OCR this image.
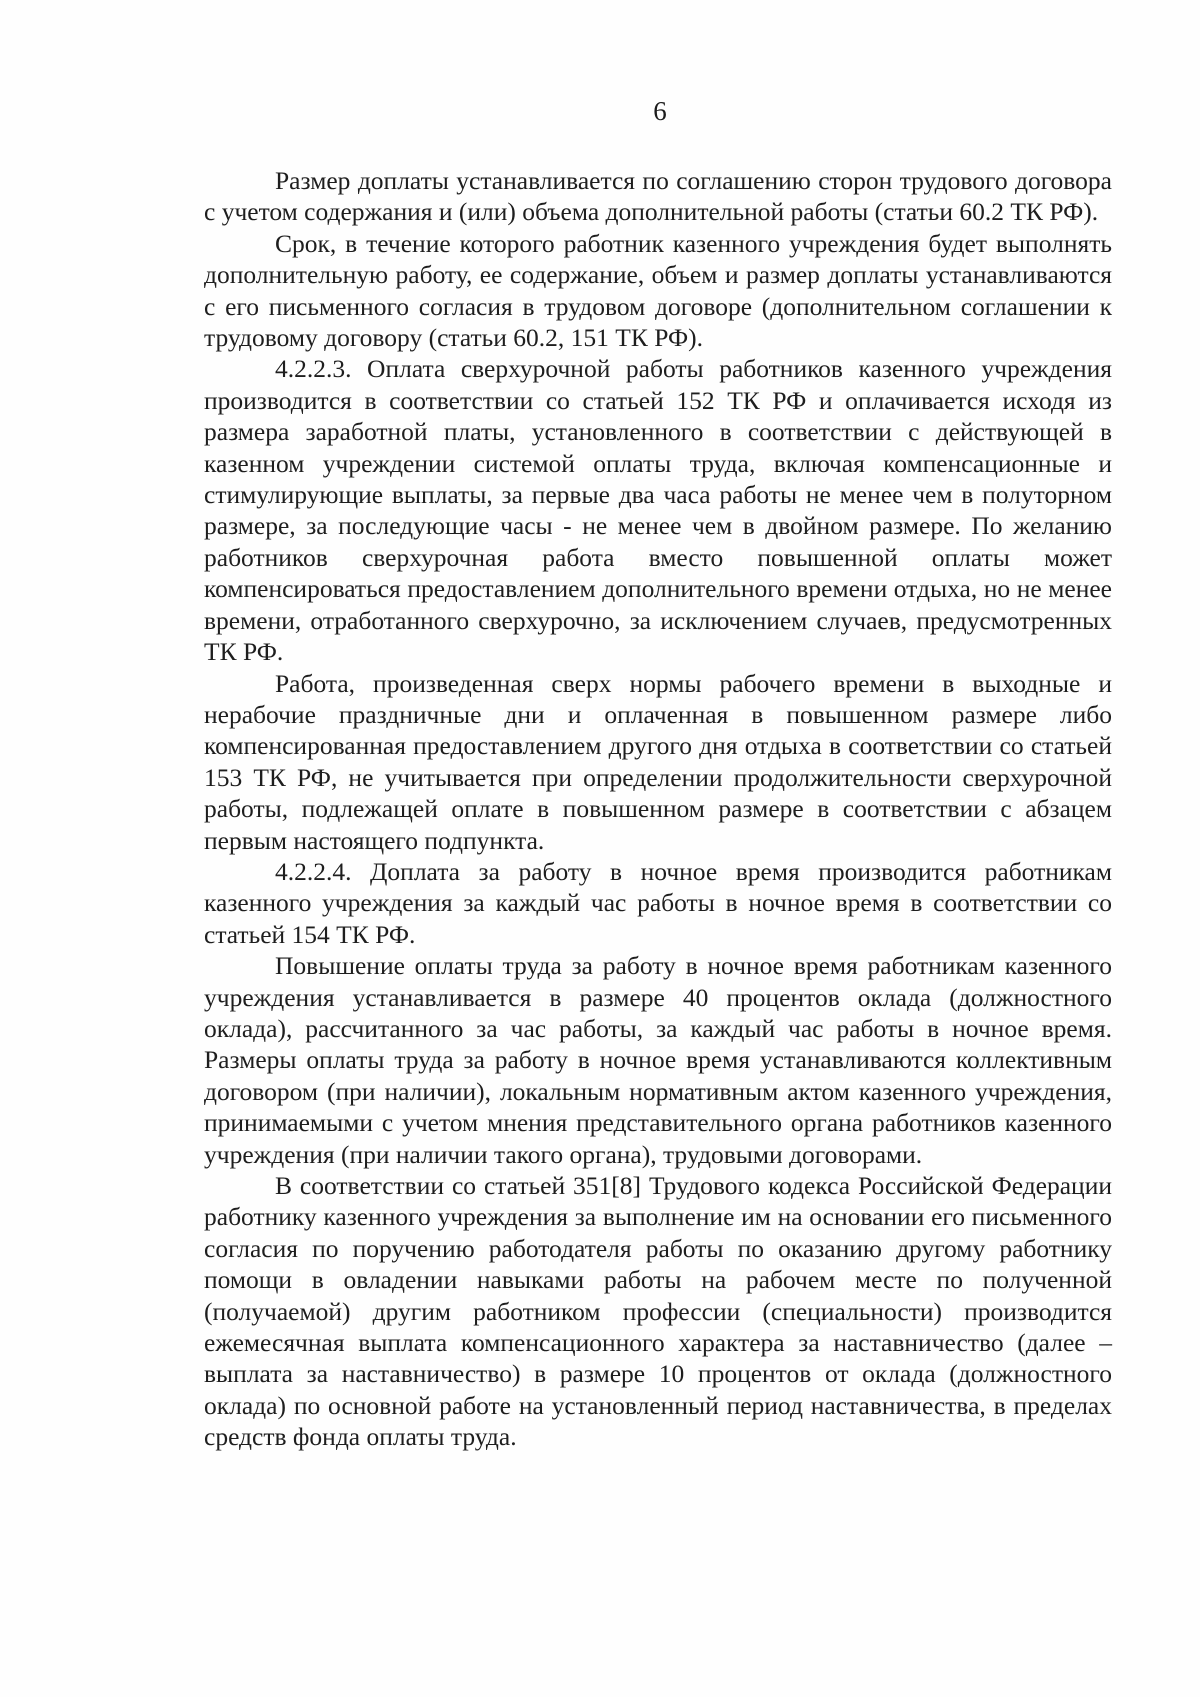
6

Размер доплаты устанавливается по соглашению сторон трудового договора с учетом содержания и (или) объема дополнительной работы (статьи 60.2 ТК РФ).

Срок, в течение которого работник казенного учреждения будет выполнять дополнительную работу, ее содержание, объем и размер доплаты устанавливаются с его письменного согласия в трудовом договоре (дополнительном соглашении к трудовому договору (статьи 60.2, 151 ТК РФ).

4.2.2.3. Оплата сверхурочной работы работников казенного учреждения производится в соответствии со статьей 152 ТК РФ и оплачивается исходя из размера заработной платы, установленного в соответствии с действующей в казенном учреждении системой оплаты труда, включая компенсационные и стимулирующие выплаты, за первые два часа работы не менее чем в полуторном размере, за последующие часы - не менее чем в двойном размере. По желанию работников сверхурочная работа вместо повышенной оплаты может компенсироваться предоставлением дополнительного времени отдыха, но не менее времени, отработанного сверхурочно, за исключением случаев, предусмотренных ТК РФ.

Работа, произведенная сверх нормы рабочего времени в выходные и нерабочие праздничные дни и оплаченная в повышенном размере либо компенсированная предоставлением другого дня отдыха в соответствии со статьей 153 ТК РФ, не учитывается при определении продолжительности сверхурочной работы, подлежащей оплате в повышенном размере в соответствии с абзацем первым настоящего подпункта.

4.2.2.4. Доплата за работу в ночное время производится работникам казенного учреждения за каждый час работы в ночное время в соответствии со статьей 154 ТК РФ.

Повышение оплаты труда за работу в ночное время работникам казенного учреждения устанавливается в размере 40 процентов оклада (должностного оклада), рассчитанного за час работы, за каждый час работы в ночное время. Размеры оплаты труда за работу в ночное время устанавливаются коллективным договором (при наличии), локальным нормативным актом казенного учреждения, принимаемыми с учетом мнения представительного органа работников казенного учреждения (при наличии такого органа), трудовыми договорами.

В соответствии со статьей 351[8] Трудового кодекса Российской Федерации работнику казенного учреждения за выполнение им на основании его письменного согласия по поручению работодателя работы по оказанию другому работнику помощи в овладении навыками работы на рабочем месте по полученной (получаемой) другим работником профессии (специальности) производится ежемесячная выплата компенсационного характера за наставничество (далее – выплата за наставничество) в размере 10 процентов от оклада (должностного оклада) по основной работе на установленный период наставничества, в пределах средств фонда оплаты труда.
